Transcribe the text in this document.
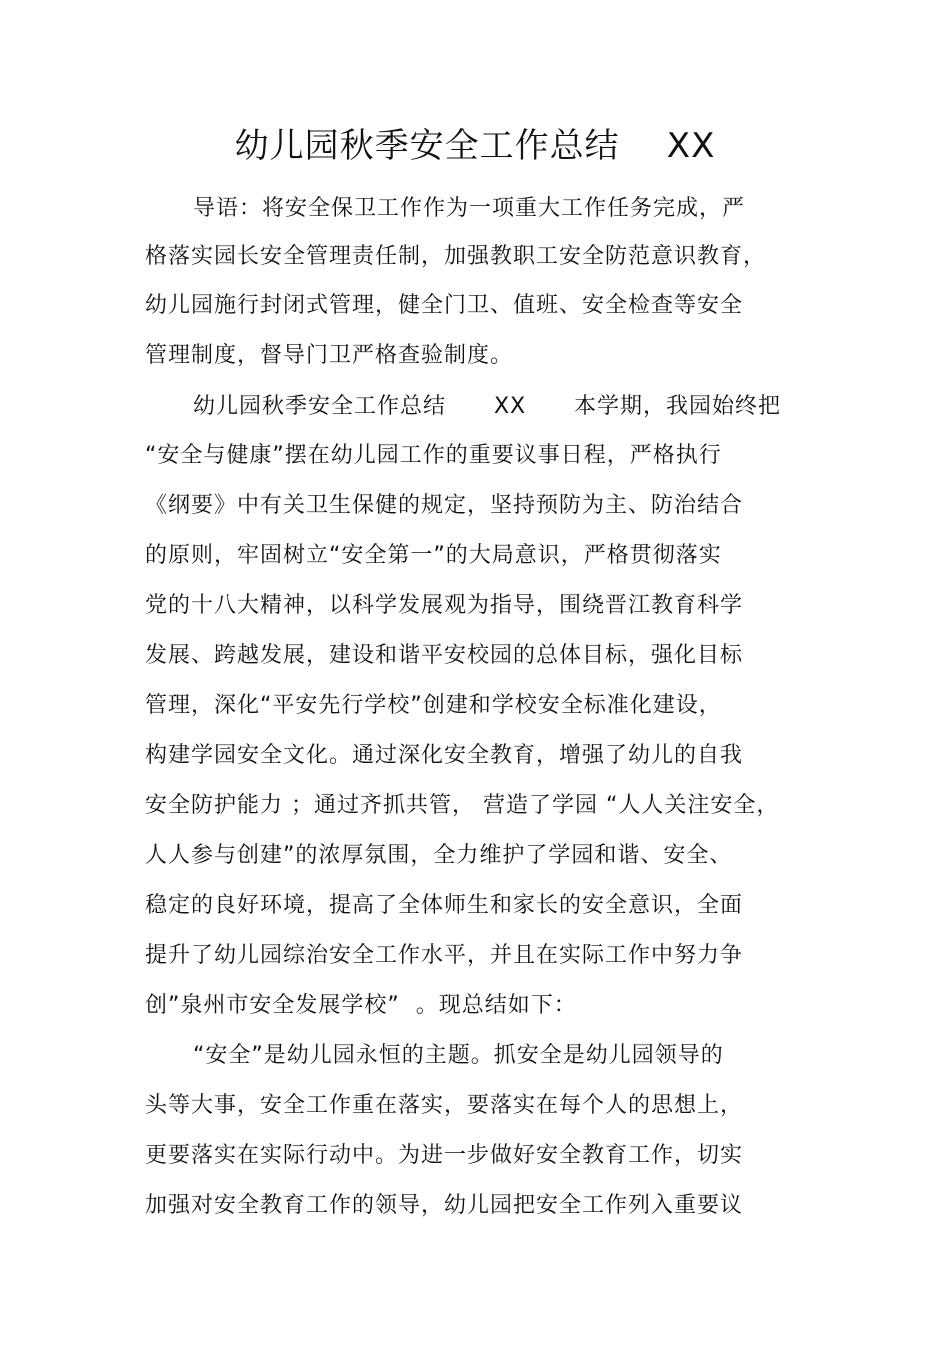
幼儿园秋季安全工作总结    XX
导语：将安全保卫工作作为一项重大工作任务完成，严
格落实园长安全管理责任制，加强教职工安全防范意识教育，
幼儿园施行封闭式管理，健全门卫、值班、安全检查等安全
管理制度，督导门卫严格查验制度。
幼儿园秋季安全工作总结      XX      本学期，我园始终把
“安全与健康”摆在幼儿园工作的重要议事日程，严格执行
《纲要》中有关卫生保健的规定，坚持预防为主、防治结合
的原则，牢固树立“安全第一”的大局意识，严格贯彻落实
党的十八大精神，以科学发展观为指导，围绕晋江教育科学
发展、跨越发展，建设和谐平安校园的总体目标，强化目标
管理，深化“平安先行学校”创建和学校安全标准化建设，
构建学园安全文化。通过深化安全教育，增强了幼儿的自我
安全防护能力 ；通过齐抓共管， 营造了学园 “人人关注安全，
人人参与创建”的浓厚氛围，全力维护了学园和谐、安全、
稳定的良好环境，提高了全体师生和家长的安全意识，全面
提升了幼儿园综治安全工作水平，并且在实际工作中努力争
创”泉州市安全发展学校”  。现总结如下：
“安全”是幼儿园永恒的主题。抓安全是幼儿园领导的
头等大事，安全工作重在落实，要落实在每个人的思想上，
更要落实在实际行动中。为进一步做好安全教育工作，切实
加强对安全教育工作的领导，幼儿园把安全工作列入重要议
